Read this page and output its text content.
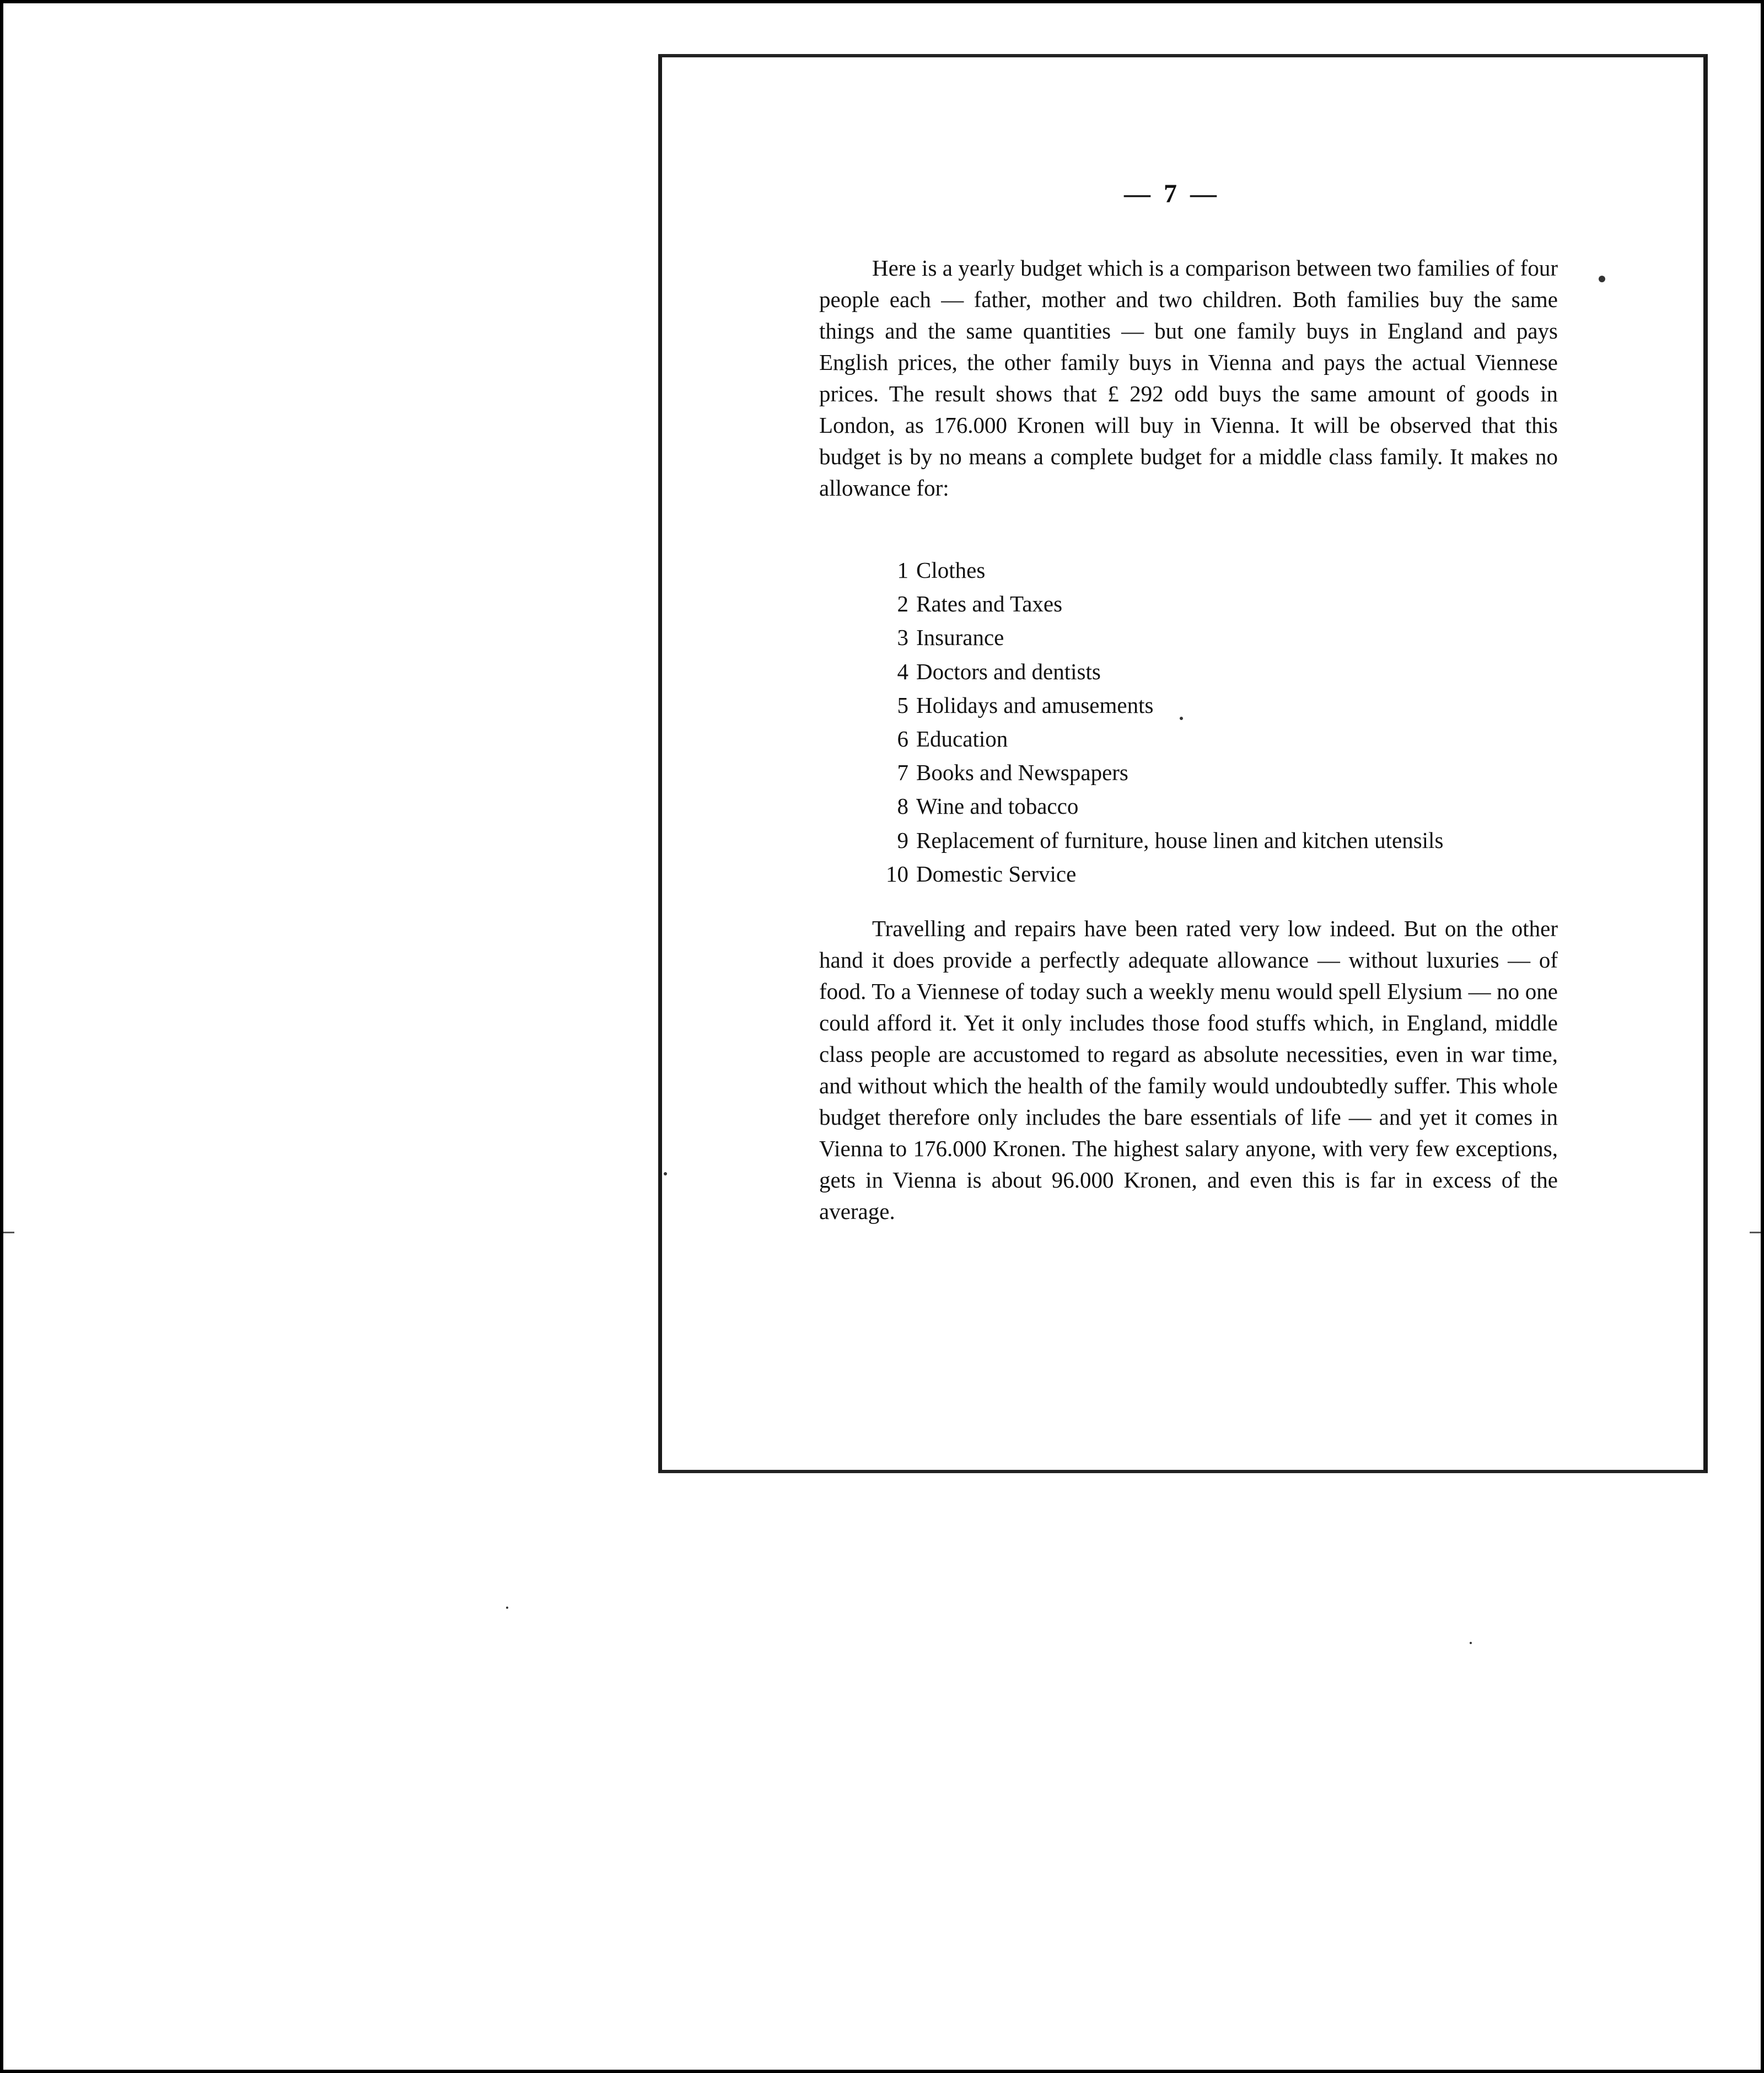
— 7 —

Here is a yearly budget which is a comparison between two families of four people each — father, mother and two children. Both families buy the same things and the same quantities — but one family buys in England and pays English prices, the other family buys in Vienna and pays the actual Viennese prices. The result shows that £ 292 odd buys the same amount of goods in London, as 176.000 Kronen will buy in Vienna. It will be observed that this budget is by no means a complete budget for a middle class family. It makes no allowance for:

1 Clothes
2 Rates and Taxes
3 Insurance
4 Doctors and dentists
5 Holidays and amusements
6 Education
7 Books and Newspapers
8 Wine and tobacco
9 Replacement of furniture, house linen and kitchen utensils
10 Domestic Service

Travelling and repairs have been rated very low indeed. But on the other hand it does provide a perfectly adequate allowance — without luxuries — of food. To a Viennese of today such a weekly menu would spell Elysium — no one could afford it. Yet it only includes those food stuffs which, in England, middle class people are accustomed to regard as absolute necessities, even in war time, and without which the health of the family would undoubtedly suffer. This whole budget therefore only includes the bare essentials of life — and yet it comes in Vienna to 176.000 Kronen. The highest salary anyone, with very few exceptions, gets in Vienna is about 96.000 Kronen, and even this is far in excess of the average.
